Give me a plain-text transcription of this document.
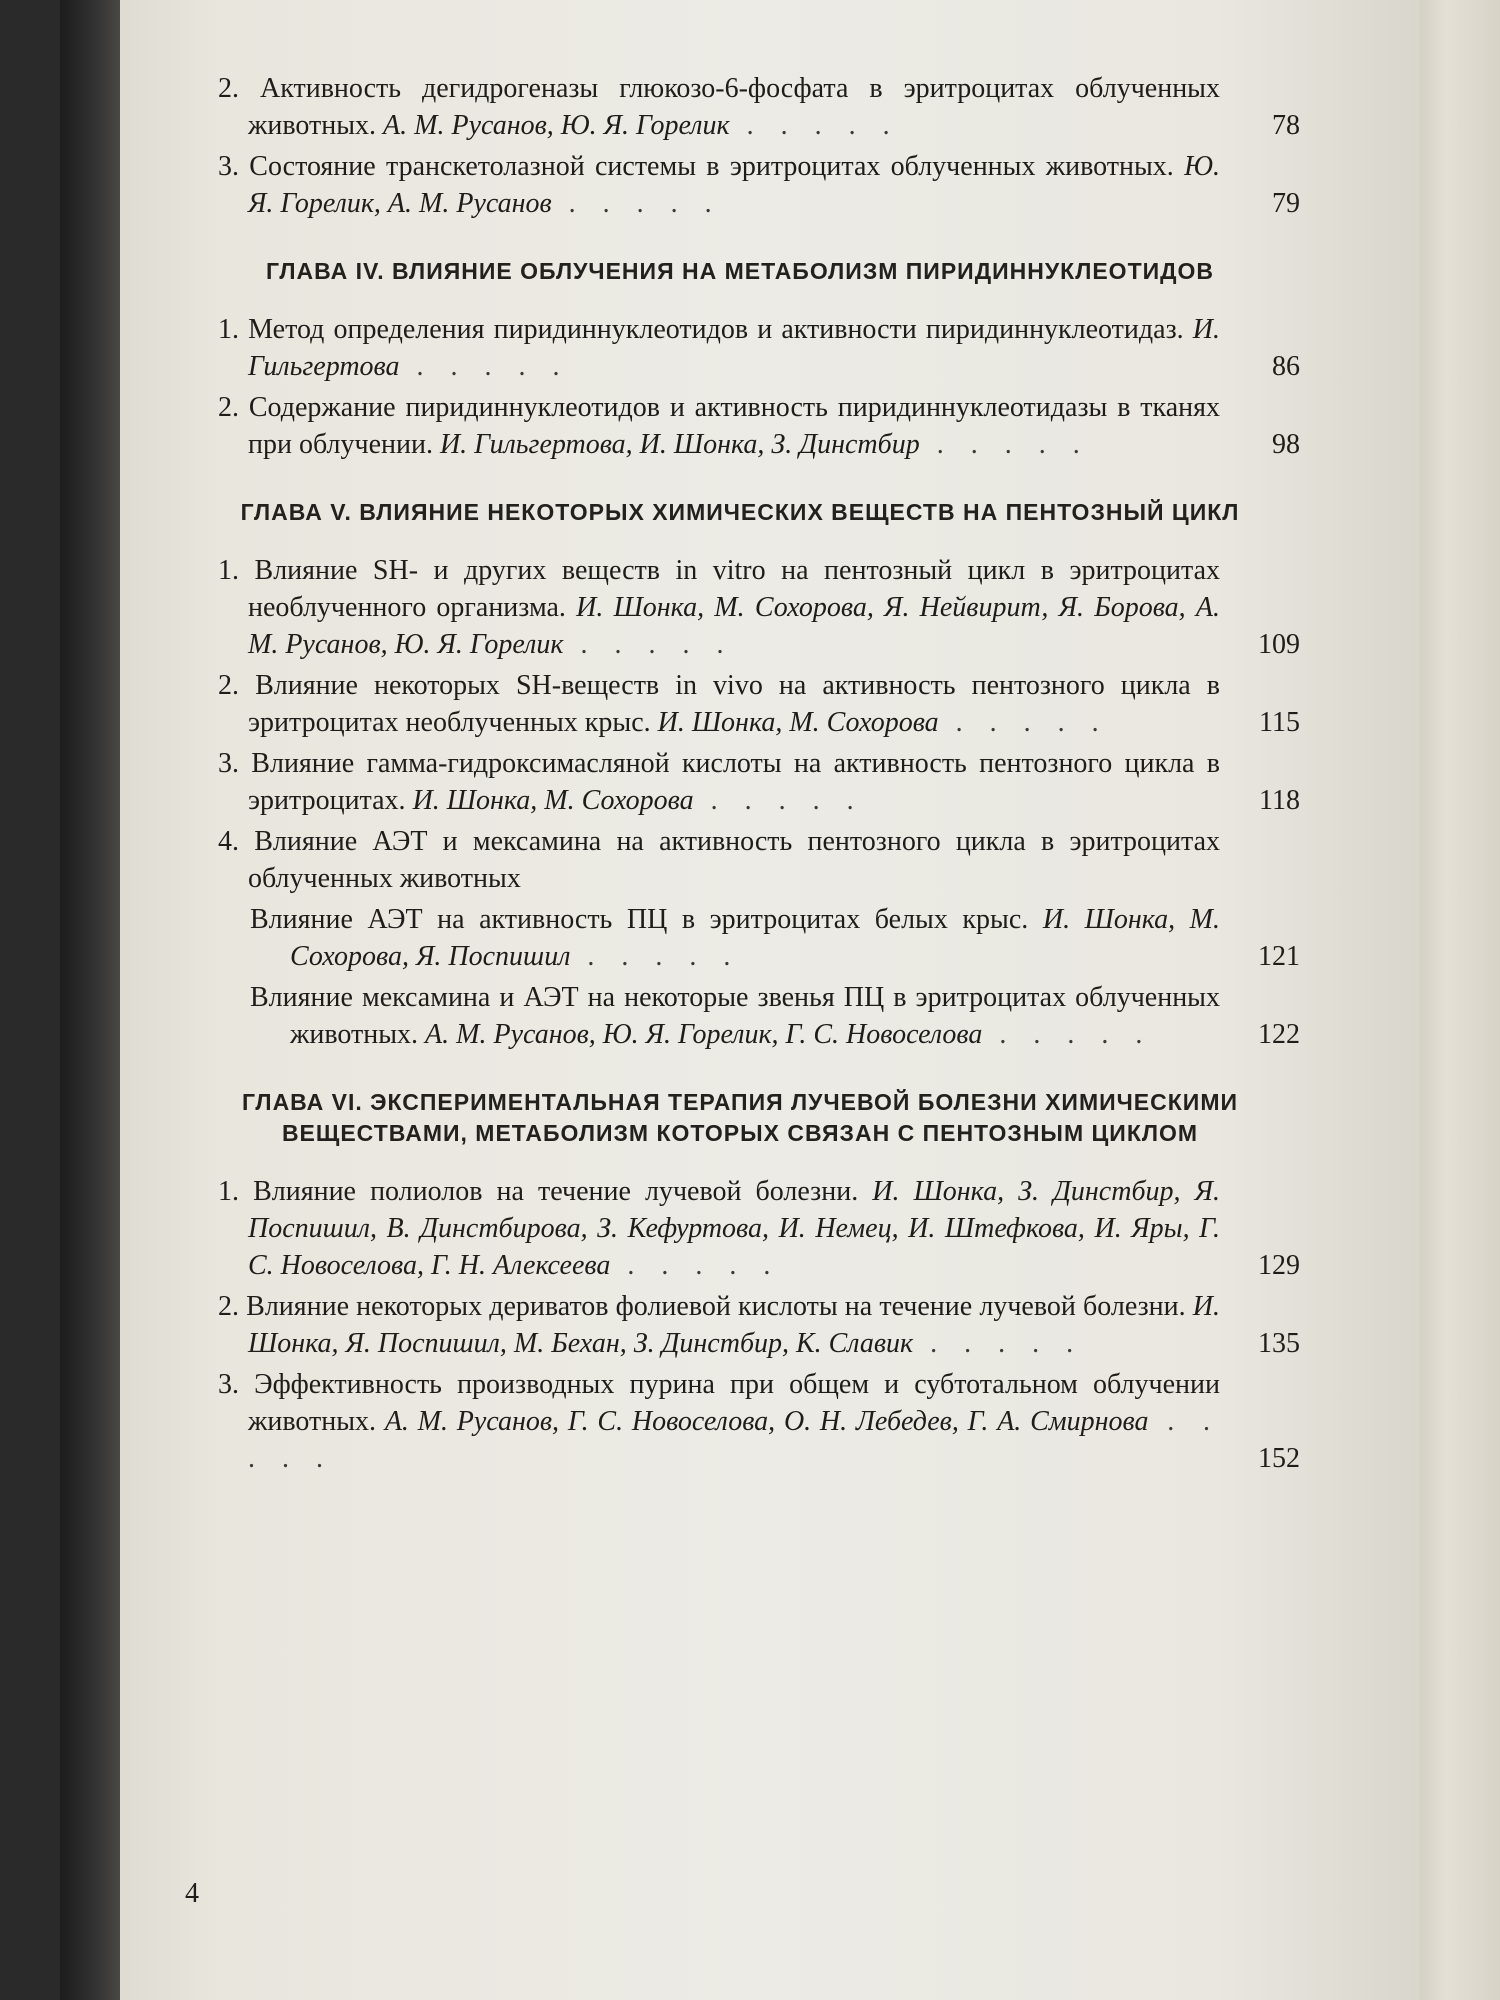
2. Активность дегидрогеназы глюкозо-6-фосфата в эритроцитах облученных животных. А. М. Русанов, Ю. Я. Горелик . . . . .	78
3. Состояние транскетолазной системы в эритроцитах облученных животных. Ю. Я. Горелик, А. М. Русанов . . . . .	79
ГЛАВА IV. ВЛИЯНИЕ ОБЛУЧЕНИЯ НА МЕТАБОЛИЗМ ПИРИДИННУКЛЕОТИДОВ
1. Метод определения пиридиннуклеотидов и активности пиридиннуклеотидаз. И. Гильгертова . . . . .	86
2. Содержание пиридиннуклеотидов и активность пиридиннуклеотидазы в тканях при облучении. И. Гильгертова, И. Шонка, З. Динстбир . . . . .	98
ГЛАВА V. ВЛИЯНИЕ НЕКОТОРЫХ ХИМИЧЕСКИХ ВЕЩЕСТВ НА ПЕНТОЗНЫЙ ЦИКЛ
1. Влияние SH- и других веществ in vitro на пентозный цикл в эритроцитах необлученного организма. И. Шонка, М. Сохорова, Я. Нейвирит, Я. Борова, А. М. Русанов, Ю. Я. Горелик . . . . .	109
2. Влияние некоторых SH-веществ in vivo на активность пентозного цикла в эритроцитах необлученных крыс. И. Шонка, М. Сохорова . . . . .	115
3. Влияние гамма-гидроксимасляной кислоты на активность пентозного цикла в эритроцитах. И. Шонка, М. Сохорова . . . . .	118
4. Влияние АЭТ и мексамина на активность пентозного цикла в эритроцитах облученных животных
Влияние АЭТ на активность ПЦ в эритроцитах белых крыс. И. Шонка, М. Сохорова, Я. Поспишил . . . . .	121
Влияние мексамина и АЭТ на некоторые звенья ПЦ в эритроцитах облученных животных. А. М. Русанов, Ю. Я. Горелик, Г. С. Новоселова . . . . .	122
ГЛАВА VI. ЭКСПЕРИМЕНТАЛЬНАЯ ТЕРАПИЯ ЛУЧЕВОЙ БОЛЕЗНИ ХИМИЧЕСКИМИ ВЕЩЕСТВАМИ, МЕТАБОЛИЗМ КОТОРЫХ СВЯЗАН С ПЕНТОЗНЫМ ЦИКЛОМ
1. Влияние полиолов на течение лучевой болезни. И. Шонка, З. Динстбир, Я. Поспишил, В. Динстбирова, З. Кефуртова, И. Немец, И. Штефкова, И. Яры, Г. С. Новоселова, Г. Н. Алексеева . . . . .	129
2. Влияние некоторых дериватов фолиевой кислоты на течение лучевой болезни. И. Шонка, Я. Поспишил, М. Бехан, З. Динстбир, К. Славик . . . . .	135
3. Эффективность производных пурина при общем и субтотальном облучении животных. А. М. Русанов, Г. С. Новоселова, О. Н. Лебедев, Г. А. Смирнова . . . . .	152
4
